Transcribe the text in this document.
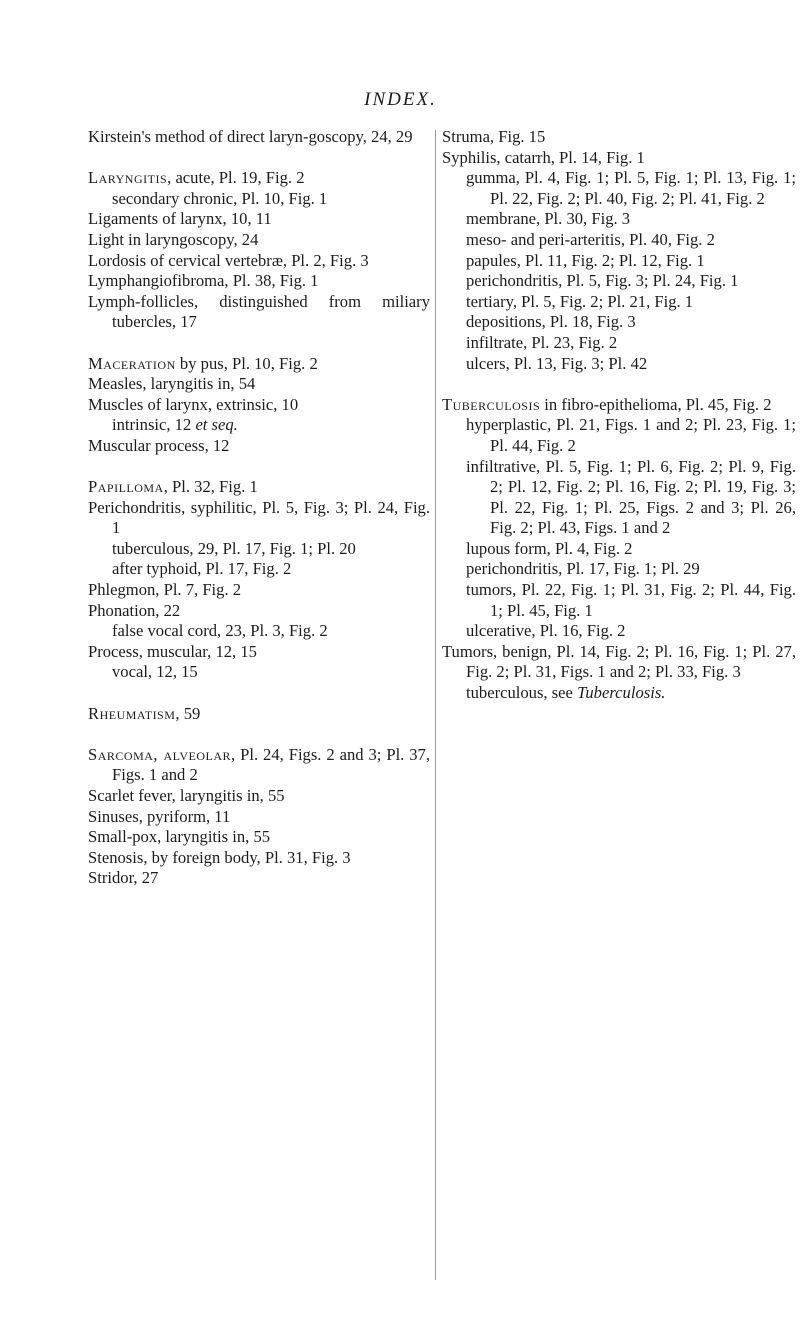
INDEX.
Kirstein's method of direct laryn-goscopy, 24, 29
Laryngitis, acute, Pl. 19, Fig. 2
secondary chronic, Pl. 10, Fig. 1
Ligaments of larynx, 10, 11
Light in laryngoscopy, 24
Lordosis of cervical vertebræ, Pl. 2, Fig. 3
Lymphangiofibroma, Pl. 38, Fig. 1
Lymph-follicles, distinguished from miliary tubercles, 17
Maceration by pus, Pl. 10, Fig. 2
Measles, laryngitis in, 54
Muscles of larynx, extrinsic, 10
intrinsic, 12 et seq.
Muscular process, 12
Papilloma, Pl. 32, Fig. 1
Perichondritis, syphilitic, Pl. 5, Fig. 3; Pl. 24, Fig. 1
tuberculous, 29, Pl. 17, Fig. 1; Pl. 20
after typhoid, Pl. 17, Fig. 2
Phlegmon, Pl. 7, Fig. 2
Phonation, 22
false vocal cord, 23, Pl. 3, Fig. 2
Process, muscular, 12, 15
vocal, 12, 15
Rheumatism, 59
Sarcoma, alveolar, Pl. 24, Figs. 2 and 3; Pl. 37, Figs. 1 and 2
Scarlet fever, laryngitis in, 55
Sinuses, pyriform, 11
Small-pox, laryngitis in, 55
Stenosis, by foreign body, Pl. 31, Fig. 3
Stridor, 27
Struma, Fig. 15
Syphilis, catarrh, Pl. 14, Fig. 1
gumma, Pl. 4, Fig. 1; Pl. 5, Fig. 1; Pl. 13, Fig. 1; Pl. 22, Fig. 2; Pl. 40, Fig. 2; Pl. 41, Fig. 2
membrane, Pl. 30, Fig. 3
meso- and peri-arteritis, Pl. 40, Fig. 2
papules, Pl. 11, Fig. 2; Pl. 12, Fig. 1
perichondritis, Pl. 5, Fig. 3; Pl. 24, Fig. 1
tertiary, Pl. 5, Fig. 2; Pl. 21, Fig. 1
depositions, Pl. 18, Fig. 3
infiltrate, Pl. 23, Fig. 2
ulcers, Pl. 13, Fig. 3; Pl. 42
Tuberculosis in fibro-epithelioma, Pl. 45, Fig. 2
hyperplastic, Pl. 21, Figs. 1 and 2; Pl. 23, Fig. 1; Pl. 44, Fig. 2
infiltrative, Pl. 5, Fig. 1; Pl. 6, Fig. 2; Pl. 9, Fig. 2; Pl. 12, Fig. 2; Pl. 16, Fig. 2; Pl. 19, Fig. 3; Pl. 22, Fig. 1; Pl. 25, Figs. 2 and 3; Pl. 26, Fig. 2; Pl. 43, Figs. 1 and 2
lupous form, Pl. 4, Fig. 2
perichondritis, Pl. 17, Fig. 1; Pl. 29
tumors, Pl. 22, Fig. 1; Pl. 31, Fig. 2; Pl. 44, Fig. 1; Pl. 45, Fig. 1
ulcerative, Pl. 16, Fig. 2
Tumors, benign, Pl. 14, Fig. 2; Pl. 16, Fig. 1; Pl. 27, Fig. 2; Pl. 31, Figs. 1 and 2; Pl. 33, Fig. 3
tuberculous, see Tuberculosis.
